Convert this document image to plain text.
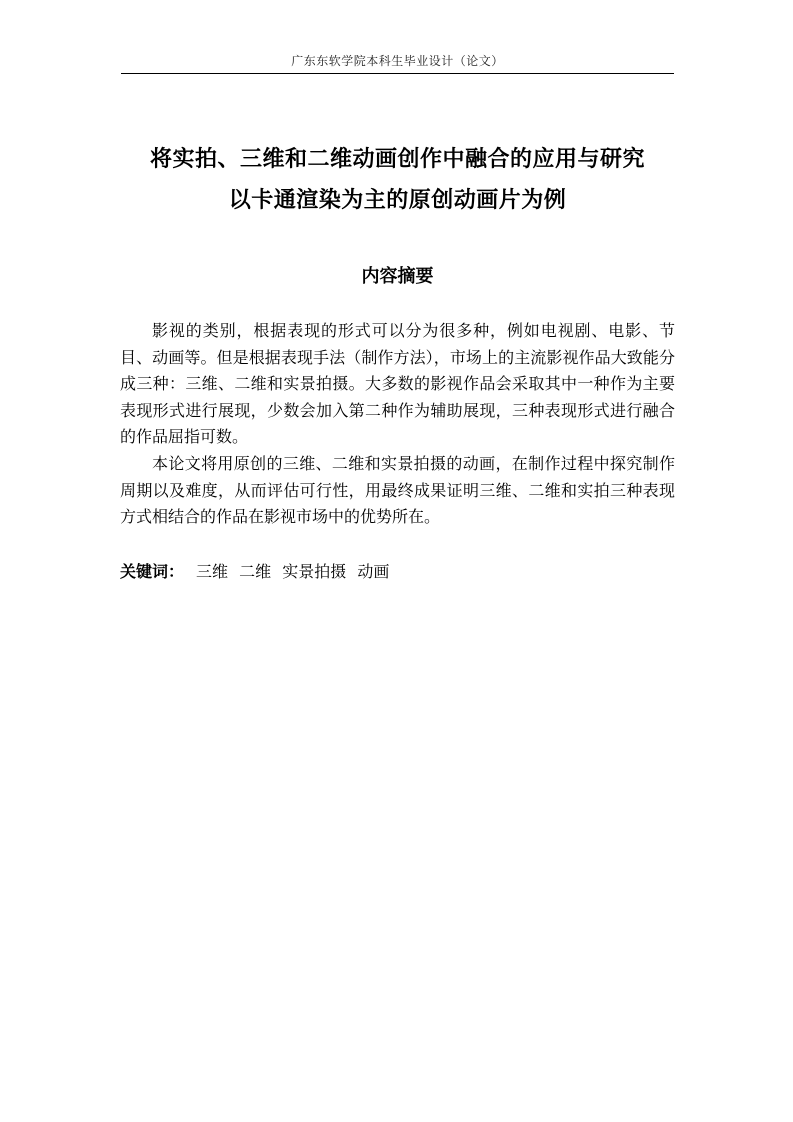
广东东软学院本科生毕业设计（论文）
将实拍、三维和二维动画创作中融合的应用与研究
以卡通渲染为主的原创动画片为例
内容摘要

影视的类别，根据表现的形式可以分为很多种，例如电视剧、电影、节目、动画等。但是根据表现手法（制作方法），市场上的主流影视作品大致能分成三种：三维、二维和实景拍摄。大多数的影视作品会采取其中一种作为主要表现形式进行展现，少数会加入第二种作为辅助展现，三种表现形式进行融合的作品屈指可数。

本论文将用原创的三维、二维和实景拍摄的动画，在制作过程中探究制作周期以及难度，从而评估可行性，用最终成果证明三维、二维和实拍三种表现方式相结合的作品在影视市场中的优势所在。

关键词： 三维 二维 实景拍摄 动画
